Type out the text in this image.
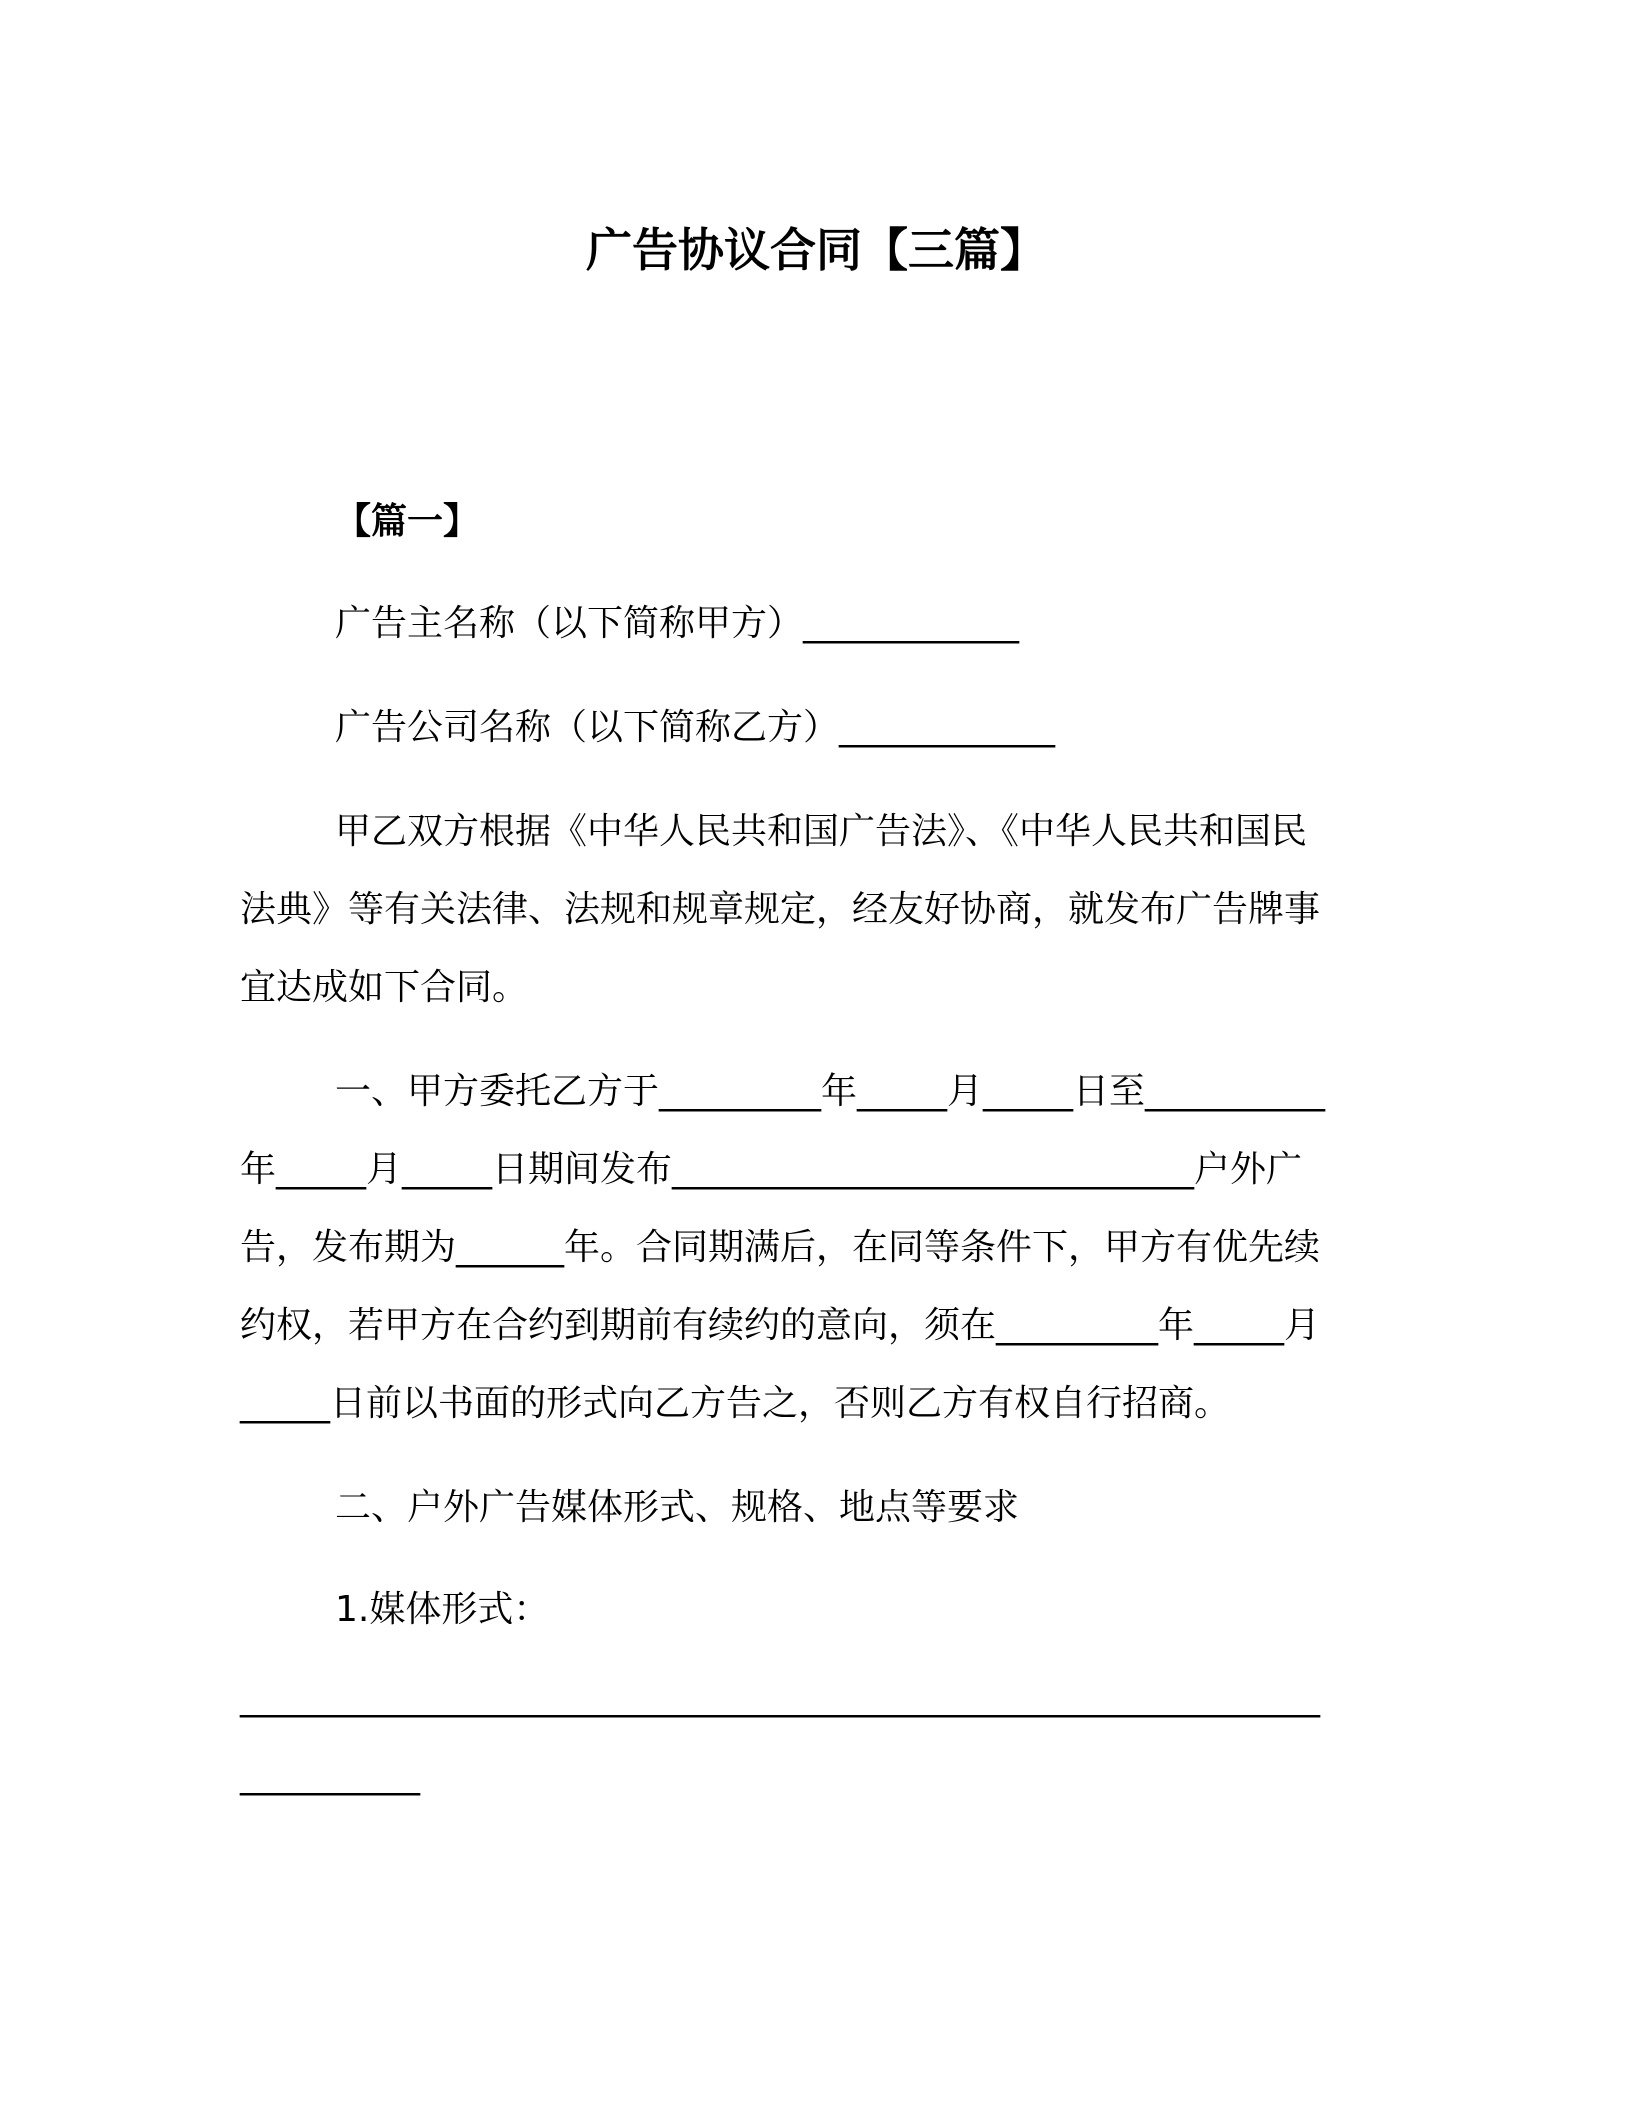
广告协议合同【三篇】
【篇一】
广告主名称（以下简称甲方）____________
广告公司名称（以下简称乙方）____________
甲乙双方根据《中华人民共和国广告法》、《中华人民共和国民
法典》等有关法律、法规和规章规定，经友好协商，就发布广告牌事
宜达成如下合同。
一、甲方委托乙方于_________年_____月_____日至__________
年_____月_____日期间发布_____________________________户外广
告，发布期为______年。合同期满后，在同等条件下，甲方有优先续
约权，若甲方在合约到期前有续约的意向，须在_________年_____月
_____日前以书面的形式向乙方告之，否则乙方有权自行招商。
二、户外广告媒体形式、规格、地点等要求
1.媒体形式：
____________________________________________________________
__________
